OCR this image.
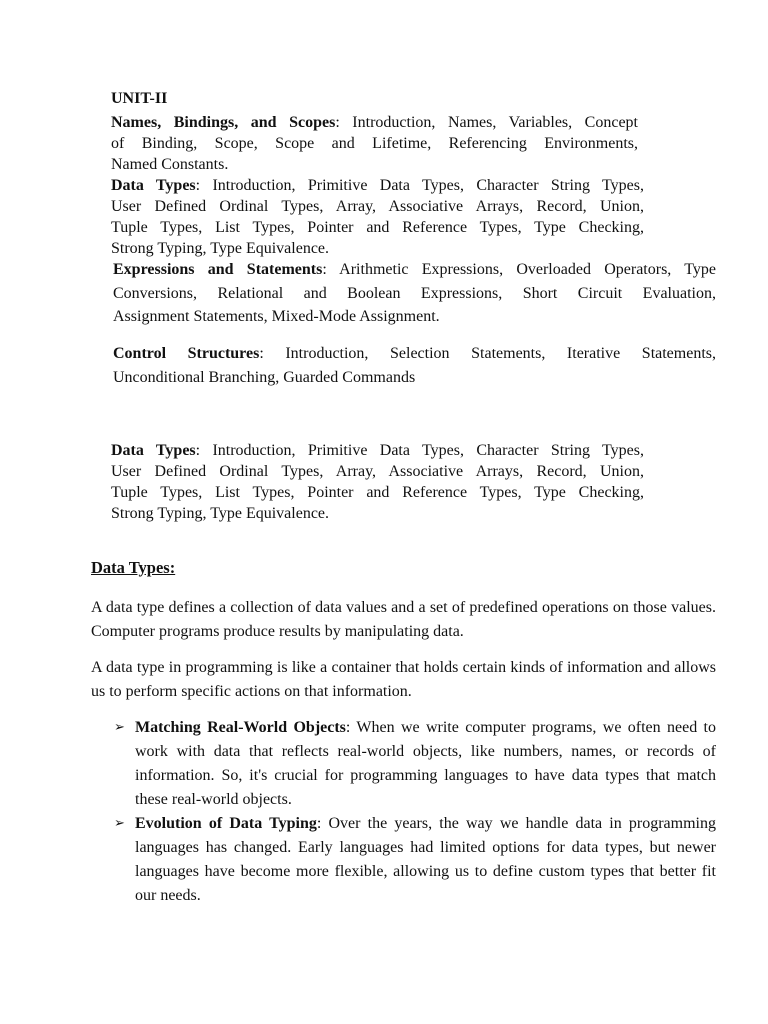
UNIT-II
Names, Bindings, and Scopes: Introduction, Names, Variables, Concept
of Binding, Scope, Scope and Lifetime, Referencing Environments,
Named Constants.
Data Types: Introduction, Primitive Data Types, Character String Types,
User Defined Ordinal Types, Array, Associative Arrays, Record, Union,
Tuple Types, List Types, Pointer and Reference Types, Type Checking,
Strong Typing, Type Equivalence.
Expressions and Statements: Arithmetic Expressions, Overloaded Operators, Type
Conversions, Relational and Boolean Expressions, Short Circuit Evaluation,
Assignment Statements, Mixed-Mode Assignment.
Control Structures: Introduction, Selection Statements, Iterative Statements,
Unconditional Branching, Guarded Commands
Data Types: Introduction, Primitive Data Types, Character String Types,
User Defined Ordinal Types, Array, Associative Arrays, Record, Union,
Tuple Types, List Types, Pointer and Reference Types, Type Checking,
Strong Typing, Type Equivalence.
Data Types:

A data type defines a collection of data values and a set of predefined operations on those values. Computer programs produce results by manipulating data.

A data type in programming is like a container that holds certain kinds of information and allows us to perform specific actions on that information.

➢ Matching Real-World Objects: When we write computer programs, we often need to work with data that reflects real-world objects, like numbers, names, or records of information. So, it's crucial for programming languages to have data types that match these real-world objects.
➢ Evolution of Data Typing: Over the years, the way we handle data in programming languages has changed. Early languages had limited options for data types, but newer languages have become more flexible, allowing us to define custom types that better fit our needs.
